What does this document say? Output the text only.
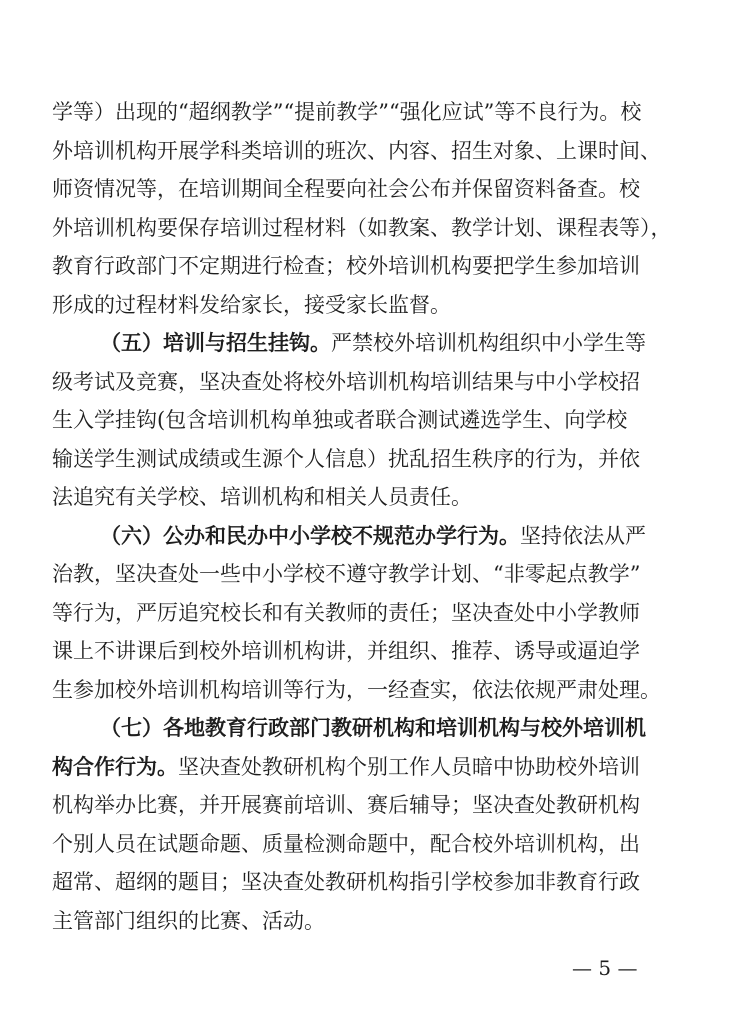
学等）出现的“超纲教学”“提前教学”“强化应试”等不良行为。校
外培训机构开展学科类培训的班次、内容、招生对象、上课时间、
师资情况等，在培训期间全程要向社会公布并保留资料备查。校
外培训机构要保存培训过程材料（如教案、教学计划、课程表等），
教育行政部门不定期进行检查；校外培训机构要把学生参加培训
形成的过程材料发给家长，接受家长监督。
（五）培训与招生挂钩。严禁校外培训机构组织中小学生等
级考试及竞赛，坚决查处将校外培训机构培训结果与中小学校招
生入学挂钩(包含培训机构单独或者联合测试遴选学生、向学校
输送学生测试成绩或生源个人信息）扰乱招生秩序的行为，并依
法追究有关学校、培训机构和相关人员责任。
（六）公办和民办中小学校不规范办学行为。坚持依法从严
治教，坚决查处一些中小学校不遵守教学计划、“非零起点教学”
等行为，严厉追究校长和有关教师的责任；坚决查处中小学教师
课上不讲课后到校外培训机构讲，并组织、推荐、诱导或逼迫学
生参加校外培训机构培训等行为，一经查实，依法依规严肃处理。
（七）各地教育行政部门教研机构和培训机构与校外培训机
构合作行为。坚决查处教研机构个别工作人员暗中协助校外培训
机构举办比赛，并开展赛前培训、赛后辅导；坚决查处教研机构
个别人员在试题命题、质量检测命题中，配合校外培训机构，出
超常、超纲的题目；坚决查处教研机构指引学校参加非教育行政
主管部门组织的比赛、活动。
— 5 —
